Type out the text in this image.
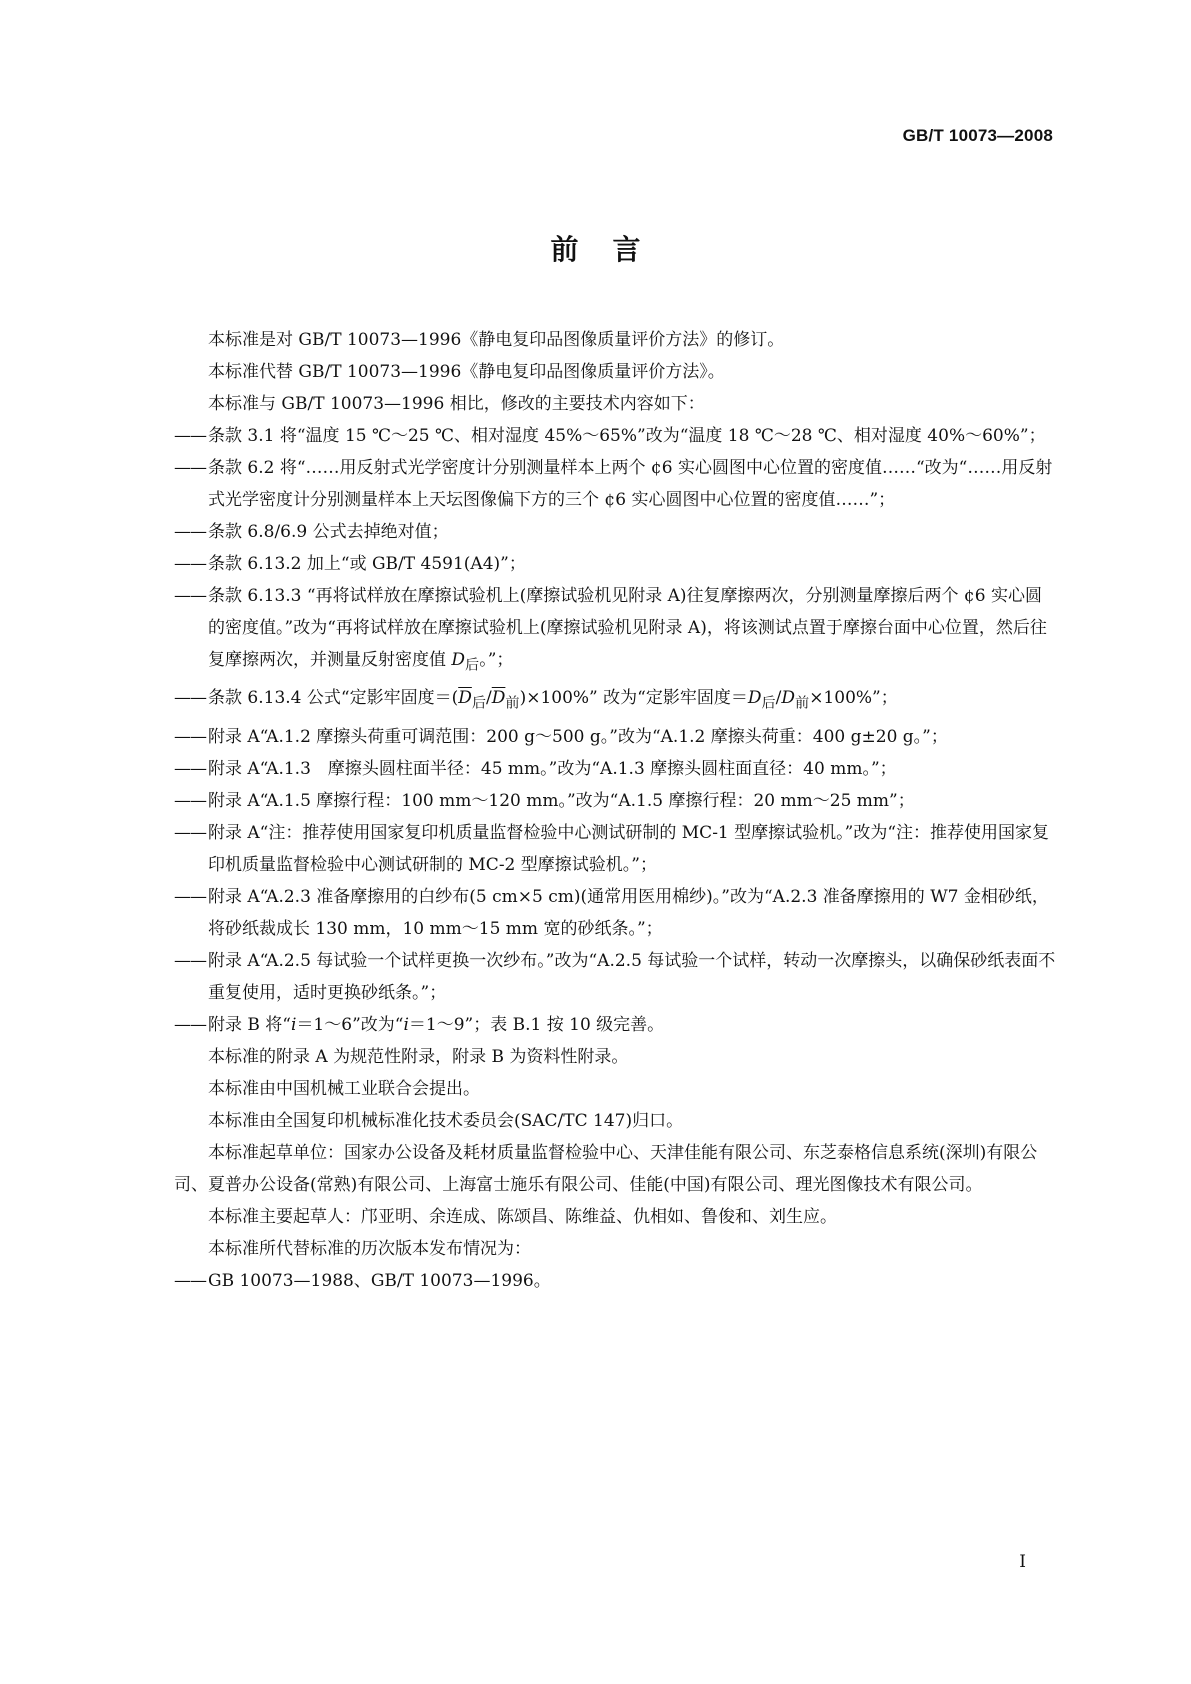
GB/T 10073—2008
前言

本标准是对 GB/T 10073—1996《静电复印品图像质量评价方法》的修订。

本标准代替 GB/T 10073—1996《静电复印品图像质量评价方法》。

本标准与 GB/T 10073—1996 相比，修改的主要技术内容如下：

—— 条款 3.1 将“温度 15 ℃～25 ℃、相对湿度 45%～65%”改为“温度 18 ℃～28 ℃、相对湿度 40%～60%”；

—— 条款 6.2 将“……用反射式光学密度计分别测量样本上两个 ¢6 实心圆图中心位置的密度值……“改为“……用反射式光学密度计分别测量样本上天坛图像偏下方的三个 ¢6 实心圆图中心位置的密度值……”；

—— 条款 6.8/6.9 公式去掉绝对值；

—— 条款 6.13.2 加上“或 GB/T 4591(A4)”；

—— 条款 6.13.3 “再将试样放在摩擦试验机上(摩擦试验机见附录 A)往复摩擦两次，分别测量摩擦后两个 ¢6 实心圆的密度值。”改为“再将试样放在摩擦试验机上(摩擦试验机见附录 A)，将该测试点置于摩擦台面中心位置，然后往复摩擦两次，并测量反射密度值 $D_后$。”；

—— 条款 6.13.4 公式“定影牢固度$=(\overline{D}_后/\overline{D}_前)\times 100\%$” 改为“定影牢固度$=D_后/D_前\times 100\%$”；

—— 附录 A“A.1.2 摩擦头荷重可调范围：200 g～500 g。”改为“A.1.2 摩擦头荷重：400 g±20 g。”；

—— 附录 A“A.1.3　摩擦头圆柱面半径：45 mm。”改为“A.1.3 摩擦头圆柱面直径：40 mm。”；

—— 附录 A“A.1.5 摩擦行程：100 mm～120 mm。”改为“A.1.5 摩擦行程：20 mm～25 mm”；

—— 附录 A“注：推荐使用国家复印机质量监督检验中心测试研制的 MC-1 型摩擦试验机。”改为“注：推荐使用国家复印机质量监督检验中心测试研制的 MC-2 型摩擦试验机。”；

—— 附录 A“A.2.3 准备摩擦用的白纱布(5 cm×5 cm)(通常用医用棉纱)。”改为“A.2.3 准备摩擦用的 W7 金相砂纸，将砂纸裁成长 130 mm，10 mm～15 mm 宽的砂纸条。”；

—— 附录 A“A.2.5 每试验一个试样更换一次纱布。”改为“A.2.5 每试验一个试样，转动一次摩擦头，以确保砂纸表面不重复使用，适时更换砂纸条。”；

—— 附录 B 将“i＝1～6”改为“i＝1～9”；表 B.1 按 10 级完善。

本标准的附录 A 为规范性附录，附录 B 为资料性附录。

本标准由中国机械工业联合会提出。

本标准由全国复印机械标准化技术委员会(SAC/TC 147)归口。

本标准起草单位：国家办公设备及耗材质量监督检验中心、天津佳能有限公司、东芝泰格信息系统(深圳)有限公司、夏普办公设备(常熟)有限公司、上海富士施乐有限公司、佳能(中国)有限公司、理光图像技术有限公司。

本标准主要起草人：邝亚明、余连成、陈颂昌、陈维益、仇相如、鲁俊和、刘生应。

本标准所代替标准的历次版本发布情况为：

—— GB 10073—1988、GB/T 10073—1996。

I
